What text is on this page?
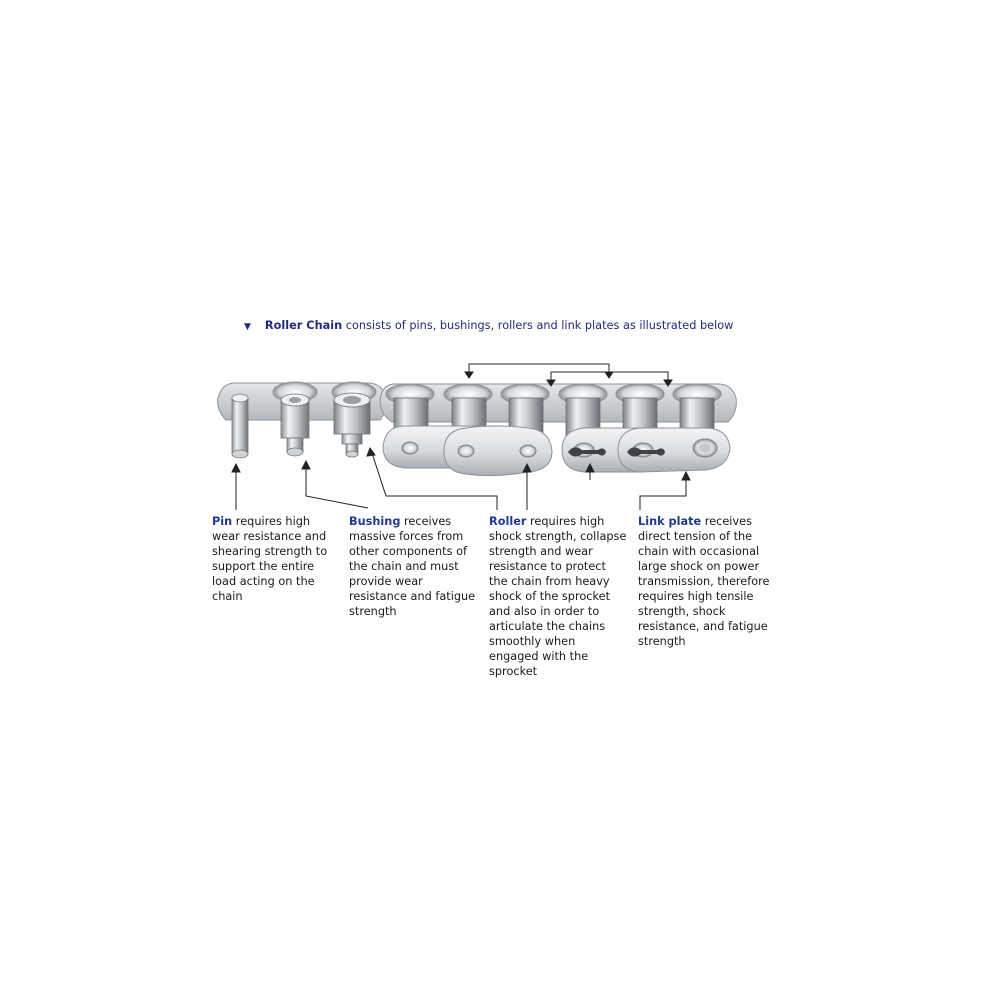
▼ Roller Chain consists of pins, bushings, rollers and link plates as illustrated below

Pin requires high wear resistance and shearing strength to support the entire load acting on the chain

Bushing receives massive forces from other components of the chain and must provide wear resistance and fatigue strength

Roller requires high shock strength, collapse strength and wear resistance to protect the chain from heavy shock of the sprocket and also in order to articulate the chains smoothly when engaged with the sprocket

Link plate receives direct tension of the chain with occasional large shock on power transmission, therefore requires high tensile strength, shock resistance, and fatigue strength
